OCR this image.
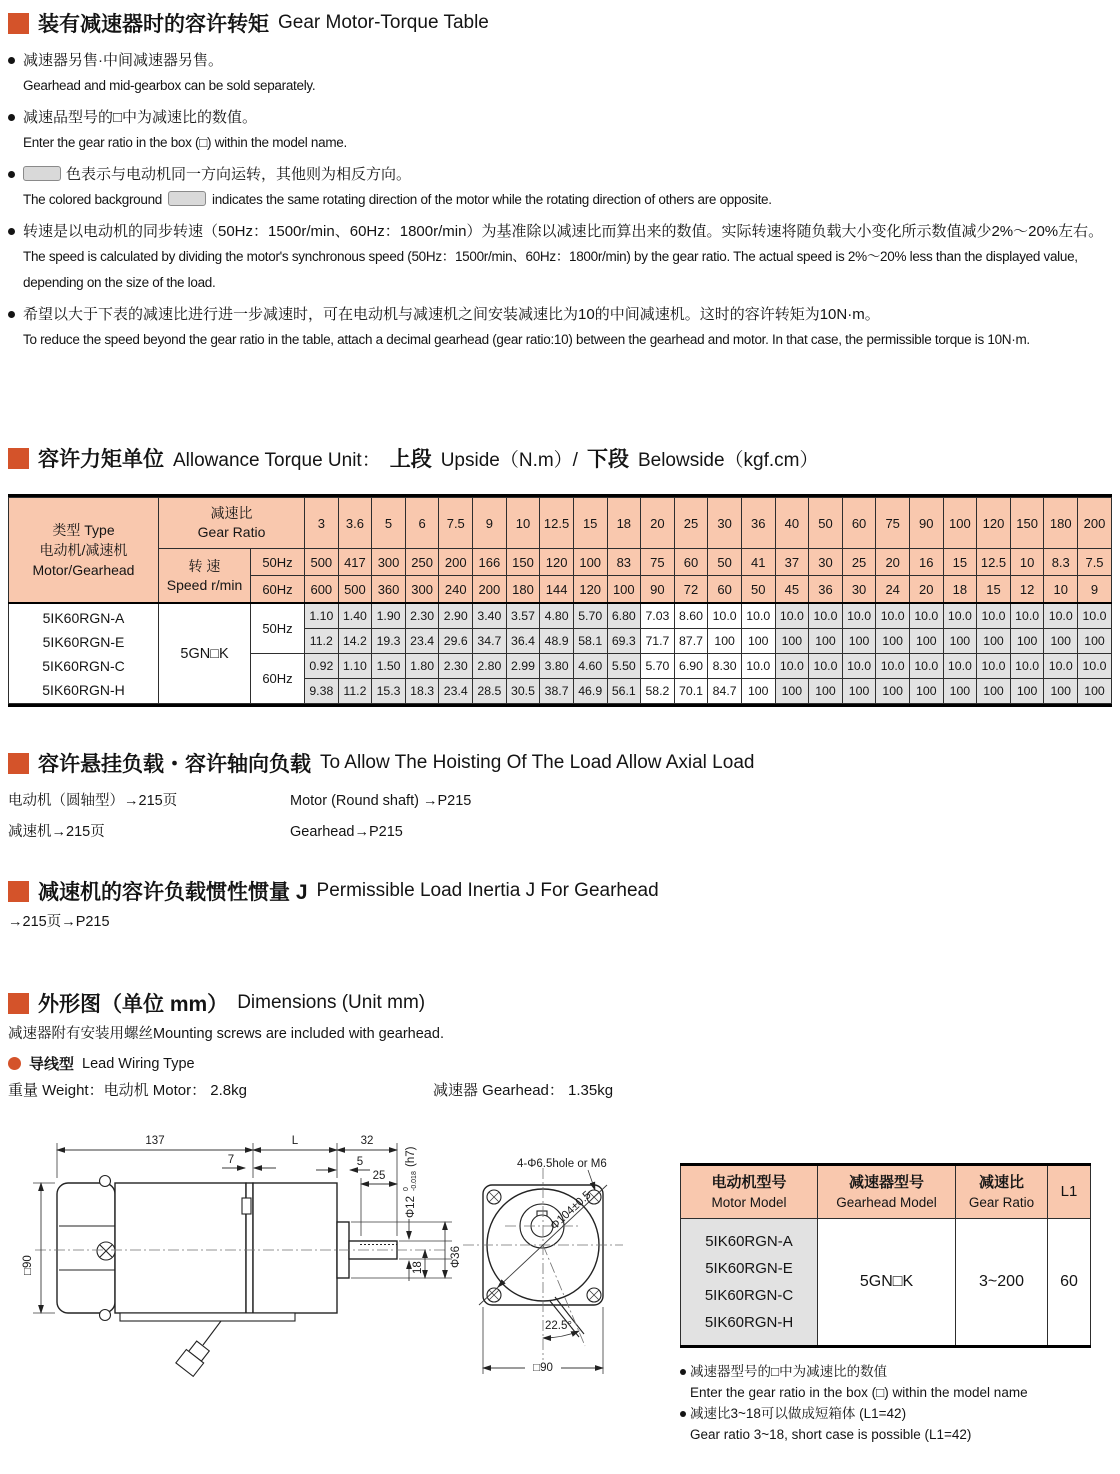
装有减速器时的容许转矩 Gear Motor-Torque Table
减速器另售·中间减速器另售。
Gearhead and mid-gearbox can be sold separately.
减速品型号的□中为减速比的数值。
Enter the gear ratio in the box (□) within the model name.
色表示与电动机同一方向运转，其他则为相反方向。
The colored background	indicates the same rotating direction of the motor while the rotating direction of others are opposite.
转速是以电动机的同步转速（50Hz：1500r/min、60Hz：1800r/min）为基准除以减速比而算出来的数值。实际转速将随负载大小变化所示数值减少2%～20%左右。
The speed is calculated by dividing the motor's synchronous speed (50Hz：1500r/min、60Hz：1800r/min) by the gear ratio. The actual speed is 2%～20% less than the displayed value, depending on the size of the load.
希望以大于下表的减速比进行进一步减速时，可在电动机与减速机之间安装减速比为10的中间减速机。这时的容许转矩为10N·m。
To reduce the speed beyond the gear ratio in the table, attach a decimal gearhead (gear ratio:10) between the gearhead and motor. In that case, the permissible torque is 10N·m.
容许力矩单位 Allowance Torque Unit： 上段 Upside（N.m）/ 下段 Belowside（kgf.cm）
类型 Type
电动机/减速机
Motor/Gearhead

减速比
Gear Ratio
	3	3.6	5	6	7.5	9	10	12.5	15	18	20	25	30	36	40	50	60	75	90	100	120	150	180	200

	转 速
Speed r/min	50Hz	500	417	300	250	200	166	150	120	100	83	75	60	50	41	37	30	25	20	16	15	12.5	10	8.3	7.5
		60Hz	600	500	360	300	240	200	180	144	120	100	90	72	60	50	45	36	30	24	20	18	15	12	10	9

5IK60RGN-A
5IK60RGN-E
5IK60RGN-C
5IK60RGN-H	5GN□K	50Hz	1.10	1.40	1.90	2.30	2.90	3.40	3.57	4.80	5.70	6.80	7.03	8.60	10.0	10.0	10.0	10.0	10.0	10.0	10.0	10.0	10.0	10.0	10.0	10.0
			11.2	14.2	19.3	23.4	29.6	34.7	36.4	48.9	58.1	69.3	71.7	87.7	100	100	100	100	100	100	100	100	100	100	100	100
		60Hz	0.92	1.10	1.50	1.80	2.30	2.80	2.99	3.80	4.60	5.50	5.70	6.90	8.30	10.0	10.0	10.0	10.0	10.0	10.0	10.0	10.0	10.0	10.0	10.0
			9.38	11.2	15.3	18.3	23.4	28.5	30.5	38.7	46.9	56.1	58.2	70.1	84.7	100	100	100	100	100	100	100	100	100	100	100
容许悬挂负载・容许轴向负载 To Allow The Hoisting Of The Load Allow Axial Load
电动机（圆轴型）→215页	Motor (Round shaft) →P215
减速机→215页	Gearhead→P215
减速机的容许负载惯性惯量 J Permissible Load Inertia J For Gearhead
→215页→P215
外形图（单位 mm） Dimensions (Unit mm)
减速器附有安装用螺丝Mounting screws are included with gearhead.
导线型 Lead Wiring Type
重量 Weight：电动机 Motor： 2.8kg	减速器 Gearhead： 1.35kg
137	L	32
7	5
25
Φ12
0 -0.018
(h7)
18 Φ36
□90
4-Φ6.5hole or M6
Φ104±0.5
22.5°
□90
电动机型号
Motor Model

减速器型号
Gearhead Model

减速比
Gear Ratio

L1

5IK60RGN-A
5IK60RGN-E
5IK60RGN-C
5IK60RGN-H	5GN□K	3~200	60
减速器型号的□中为减速比的数值
Enter the gear ratio in the box (□) within the model name
减速比3~18可以做成短箱体 (L1=42)
Gear ratio 3~18, short case is possible (L1=42)
